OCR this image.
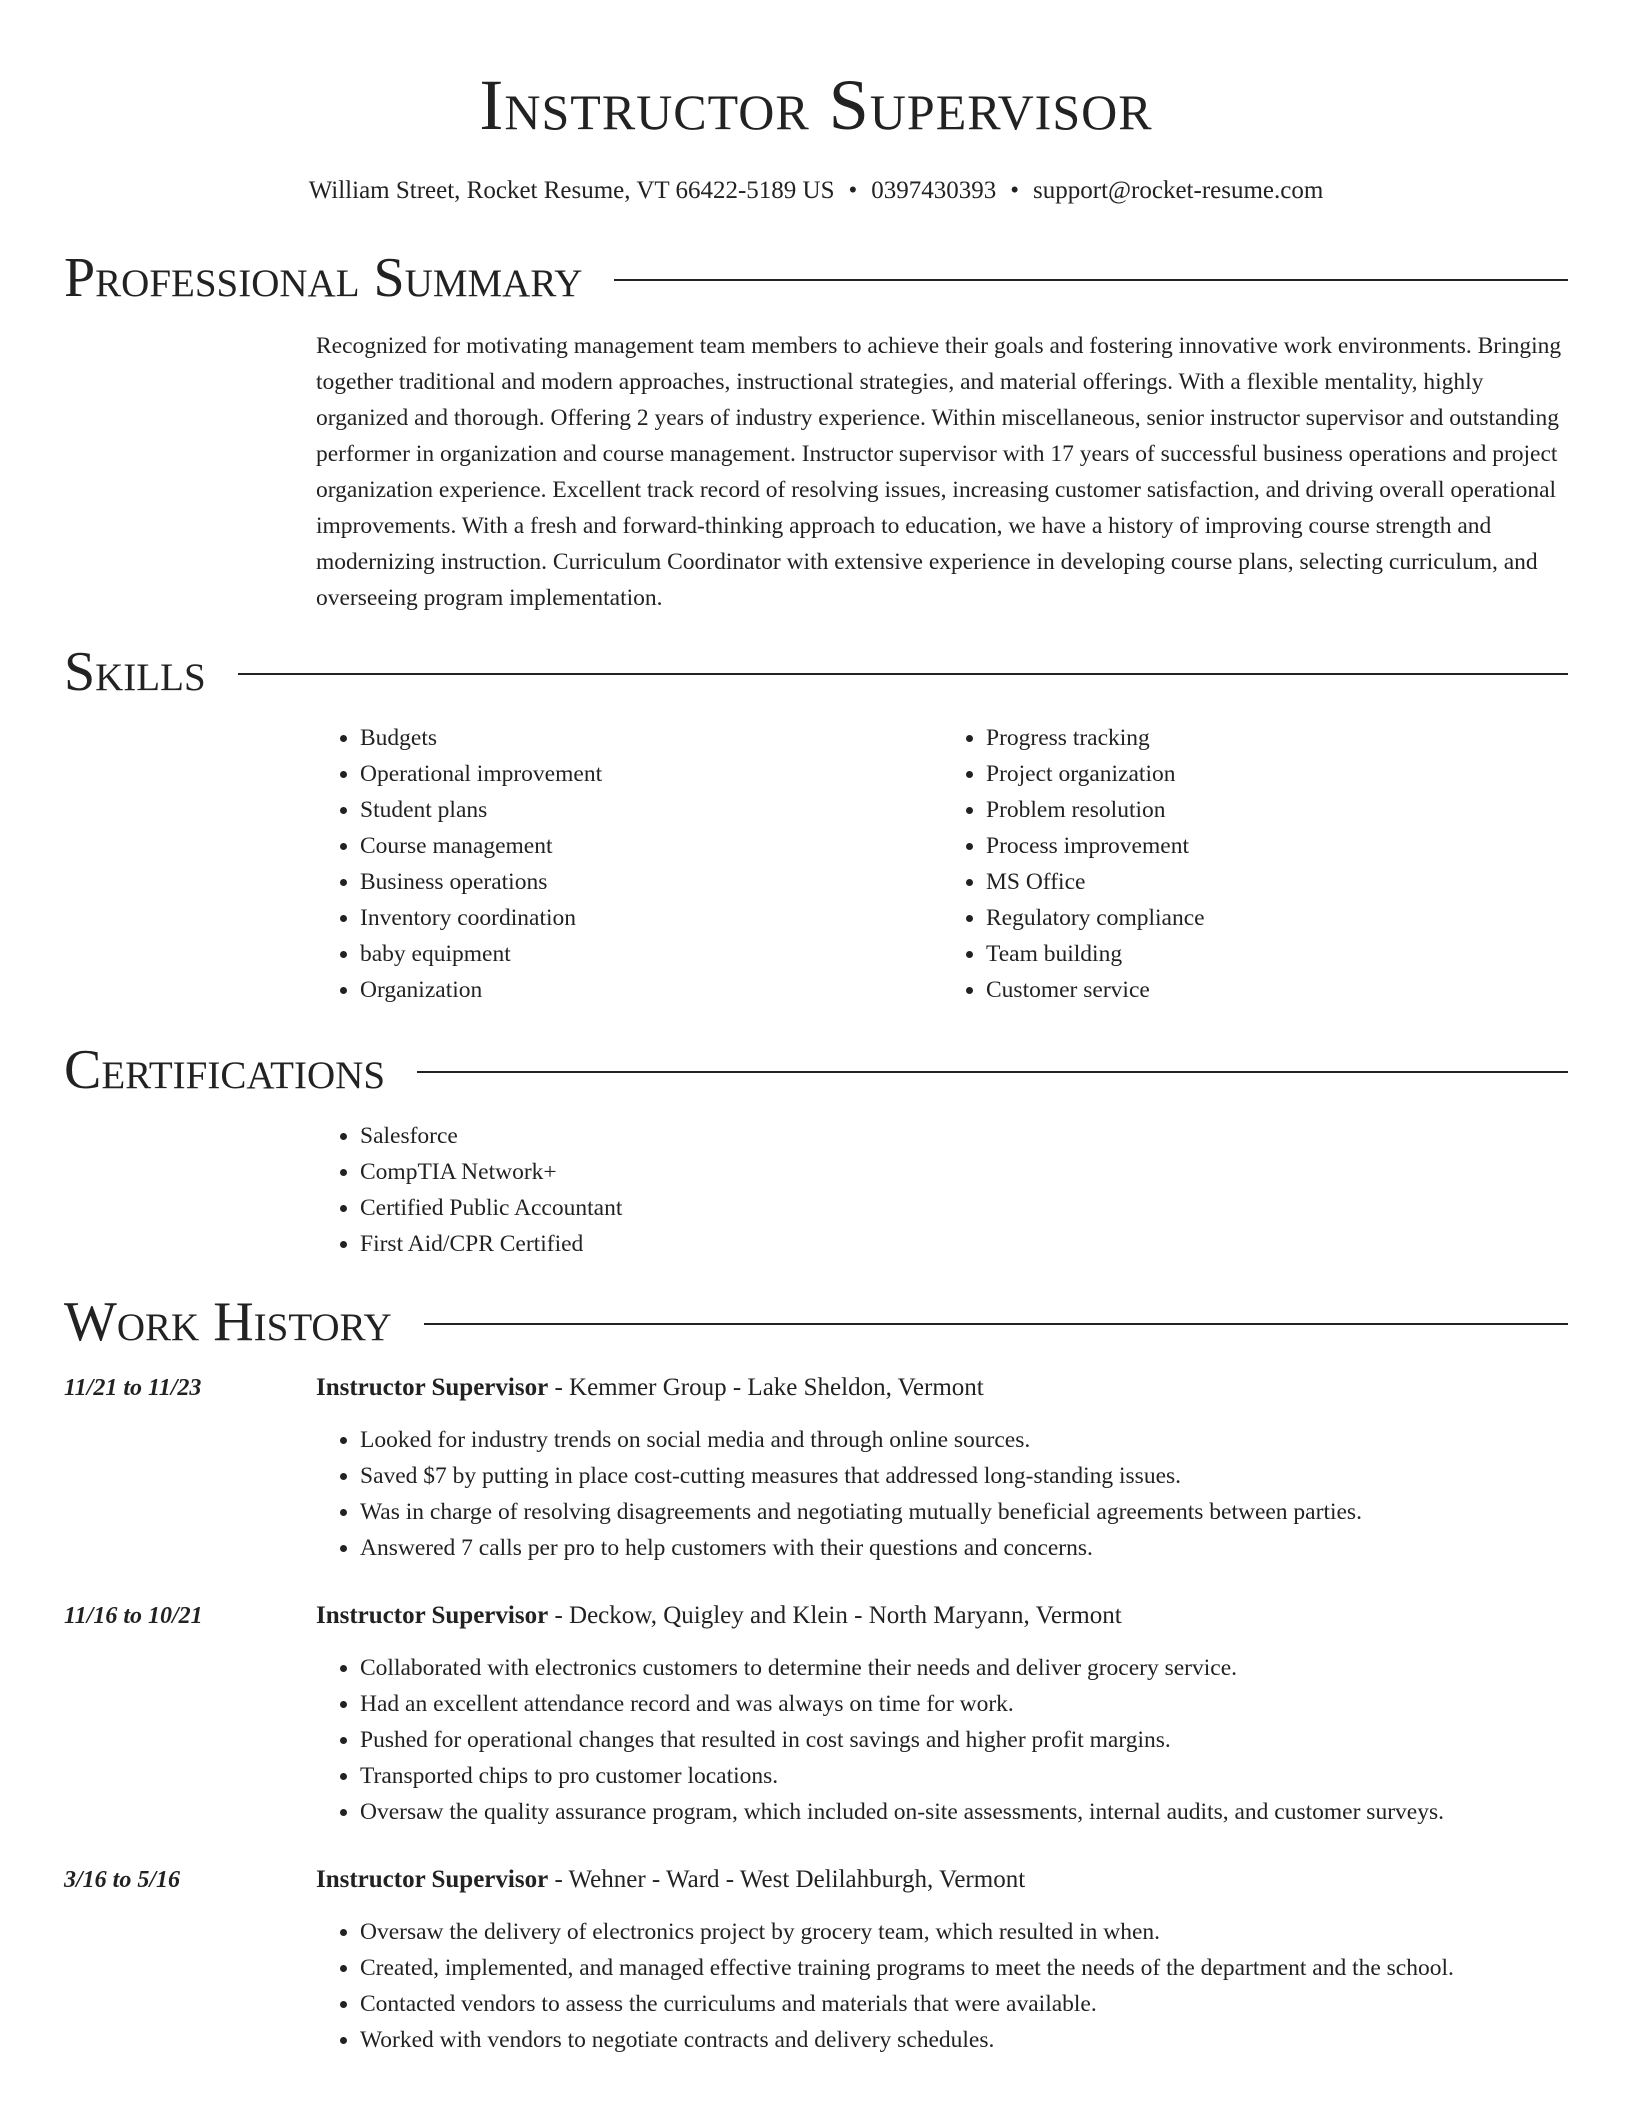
Instructor Supervisor
William Street, Rocket Resume, VT 66422-5189 US • 0397430393 • support@rocket-resume.com
Professional Summary

Recognized for motivating management team members to achieve their goals and fostering innovative work environments. Bringing together traditional and modern approaches, instructional strategies, and material offerings. With a flexible mentality, highly organized and thorough. Offering 2 years of industry experience. Within miscellaneous, senior instructor supervisor and outstanding performer in organization and course management. Instructor supervisor with 17 years of successful business operations and project organization experience. Excellent track record of resolving issues, increasing customer satisfaction, and driving overall operational improvements. With a fresh and forward-thinking approach to education, we have a history of improving course strength and modernizing instruction. Curriculum Coordinator with extensive experience in developing course plans, selecting curriculum, and overseeing program implementation.

Skills
• Budgets
• Operational improvement
• Student plans
• Course management
• Business operations
• Inventory coordination
• baby equipment
• Organization
• Progress tracking
• Project organization
• Problem resolution
• Process improvement
• MS Office
• Regulatory compliance
• Team building
• Customer service
Certifications
• Salesforce
• CompTIA Network+
• Certified Public Accountant
• First Aid/CPR Certified
Work History
11/21 to 11/23	Instructor Supervisor - Kemmer Group - Lake Sheldon, Vermont
• Looked for industry trends on social media and through online sources.
• Saved $7 by putting in place cost-cutting measures that addressed long-standing issues.
• Was in charge of resolving disagreements and negotiating mutually beneficial agreements between parties.
• Answered 7 calls per pro to help customers with their questions and concerns.
11/16 to 10/21	Instructor Supervisor - Deckow, Quigley and Klein - North Maryann, Vermont
• Collaborated with electronics customers to determine their needs and deliver grocery service.
• Had an excellent attendance record and was always on time for work.
• Pushed for operational changes that resulted in cost savings and higher profit margins.
• Transported chips to pro customer locations.
• Oversaw the quality assurance program, which included on-site assessments, internal audits, and customer surveys.
3/16 to 5/16	Instructor Supervisor - Wehner - Ward - West Delilahburgh, Vermont
• Oversaw the delivery of electronics project by grocery team, which resulted in when.
• Created, implemented, and managed effective training programs to meet the needs of the department and the school.
• Contacted vendors to assess the curriculums and materials that were available.
• Worked with vendors to negotiate contracts and delivery schedules.
